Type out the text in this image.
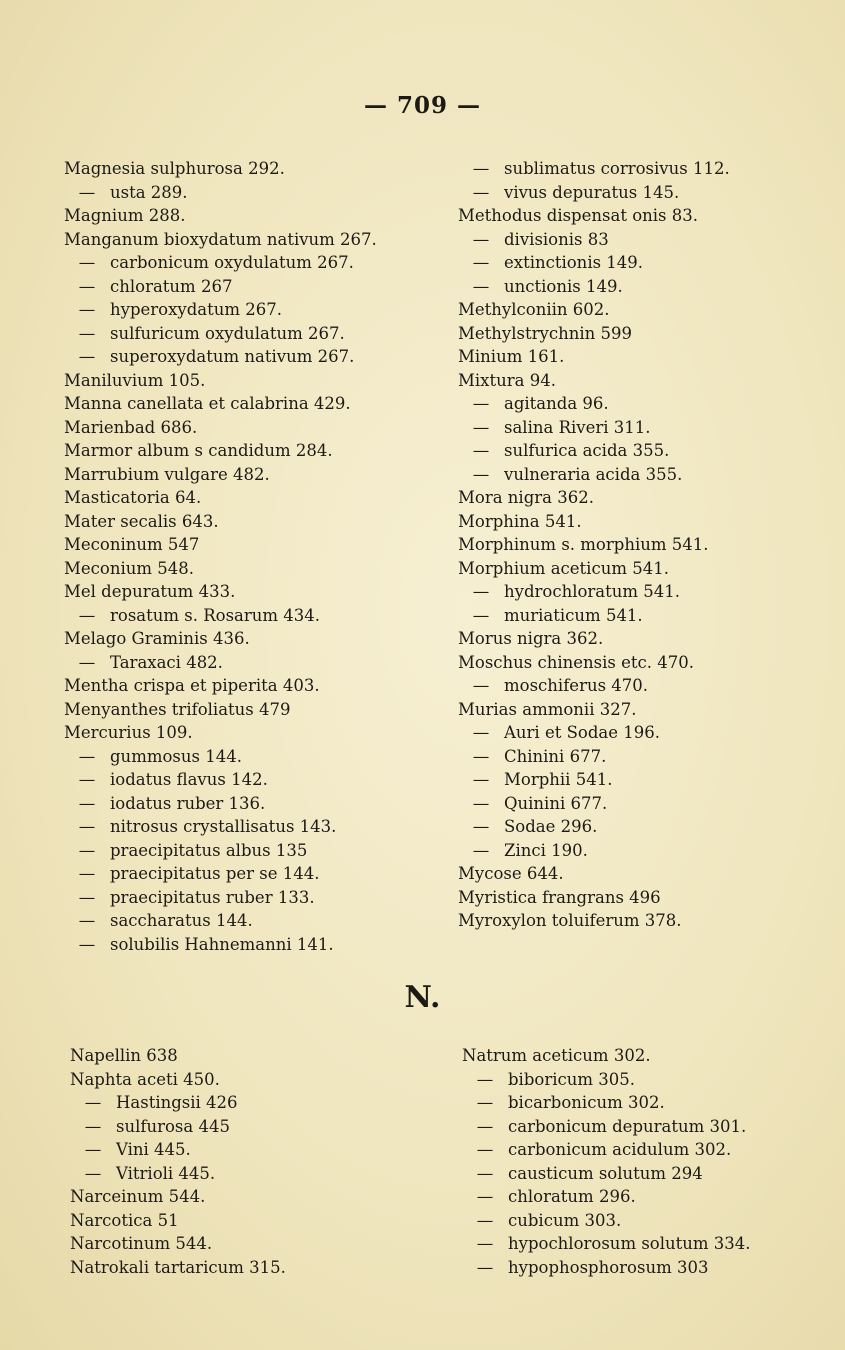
— 709 —
Magnesia sulphurosa 292.
— usta 289.
Magnium 288.
Manganum bioxydatum nativum 267.
— carbonicum oxydulatum 267.
— chloratum 267
— hyperoxydatum 267.
— sulfuricum oxydulatum 267.
— superoxydatum nativum 267.
Maniluvium 105.
Manna canellata et calabrina 429.
Marienbad 686.
Marmor album s candidum 284.
Marrubium vulgare 482.
Masticatoria 64.
Mater secalis 643.
Meconinum 547
Meconium 548.
Mel depuratum 433.
— rosatum s. Rosarum 434.
Melago Graminis 436.
— Taraxaci 482.
Mentha crispa et piperita 403.
Menyanthes trifoliatus 479
Mercurius 109.
— gummosus 144.
— iodatus flavus 142.
— iodatus ruber 136.
— nitrosus crystallisatus 143.
— praecipitatus albus 135
— praecipitatus per se 144.
— praecipitatus ruber 133.
— saccharatus 144.
— solubilis Hahnemanni 141.
— sublimatus corrosivus 112.
— vivus depuratus 145.
Methodus dispensat onis 83.
— divisionis 83
— extinctionis 149.
— unctionis 149.
Methylconiin 602.
Methylstrychnin 599
Minium 161.
Mixtura 94.
— agitanda 96.
— salina Riveri 311.
— sulfurica acida 355.
— vulneraria acida 355.
Mora nigra 362.
Morphina 541.
Morphinum s. morphium 541.
Morphium aceticum 541.
— hydrochloratum 541.
— muriaticum 541.
Morus nigra 362.
Moschus chinensis etc. 470.
— moschiferus 470.
Murias ammonii 327.
— Auri et Sodae 196.
— Chinini 677.
— Morphii 541.
— Quinini 677.
— Sodae 296.
— Zinci 190.
Mycose 644.
Myristica frangrans 496
Myroxylon toluiferum 378.
N.
Napellin 638
Naphta aceti 450.
— Hastingsii 426
— sulfurosa 445
— Vini 445.
— Vitrioli 445.
Narceinum 544.
Narcotica 51
Narcotinum 544.
Natrokali tartaricum 315.
Natrum aceticum 302.
— biboricum 305.
— bicarbonicum 302.
— carbonicum depuratum 301.
— carbonicum acidulum 302.
— causticum solutum 294
— chloratum 296.
— cubicum 303.
— hypochlorosum solutum 334.
— hypophosphorosum 303
